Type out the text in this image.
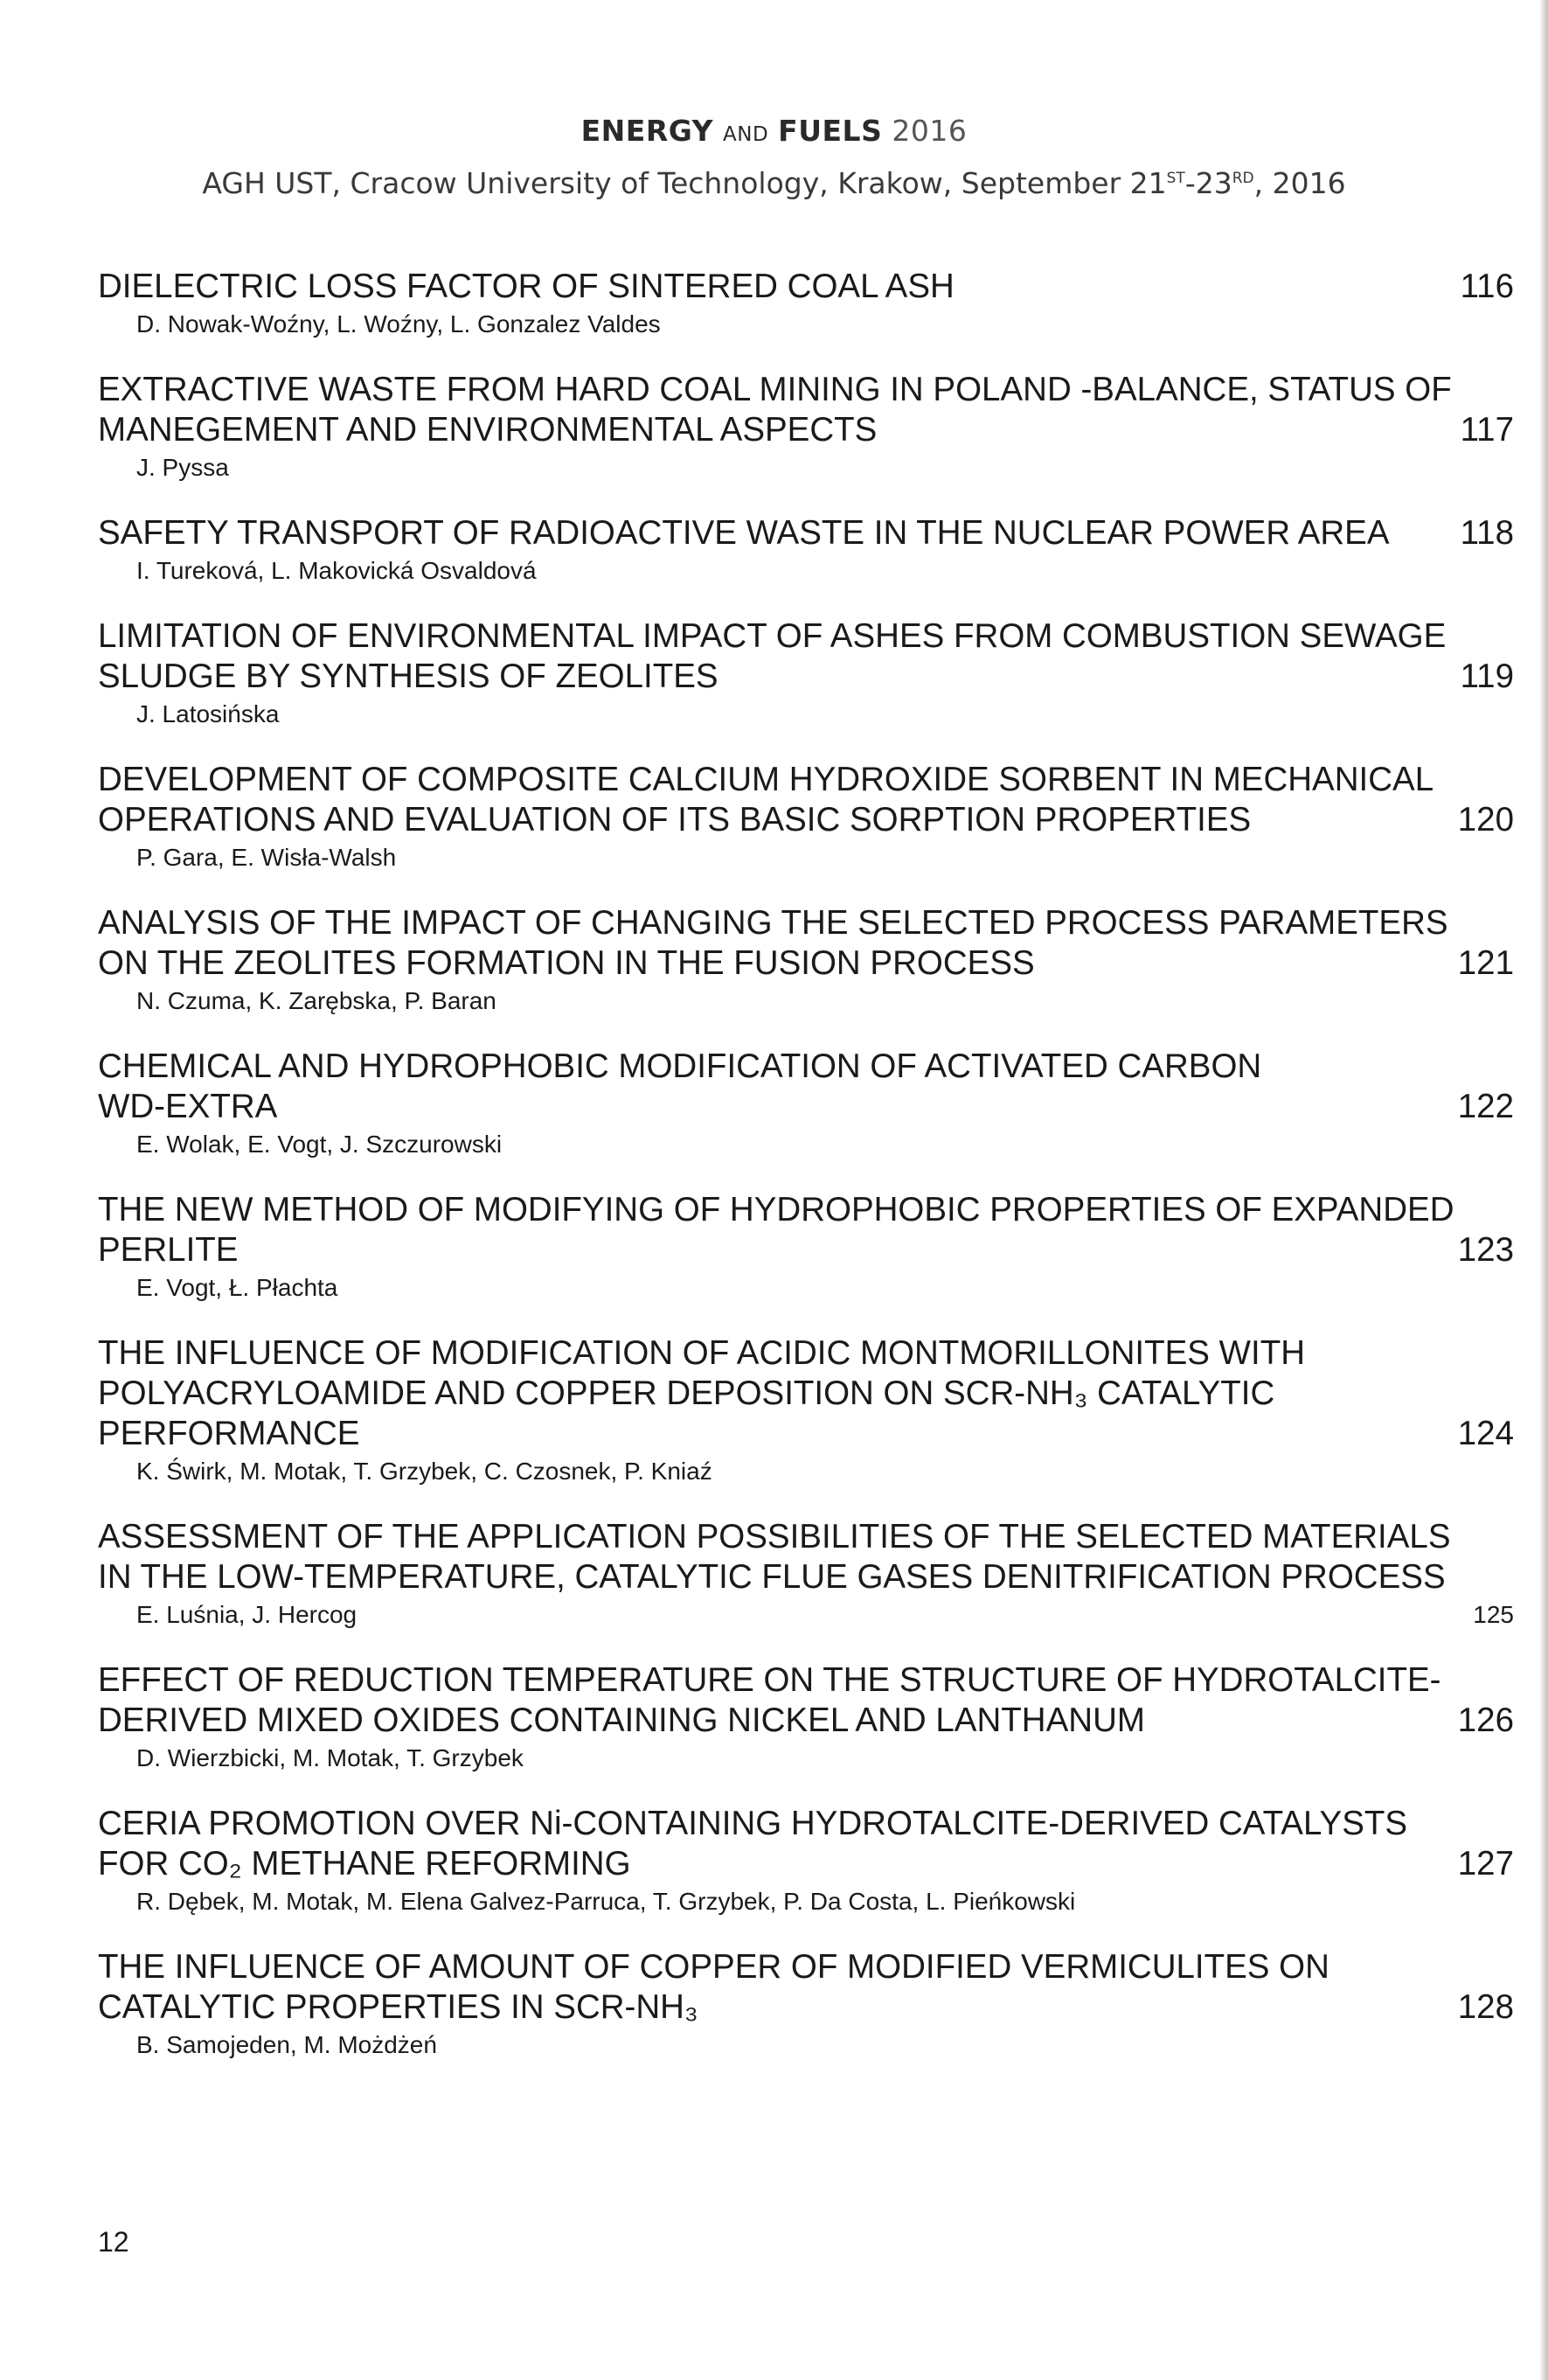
ENERGY AND FUELS 2016
AGH UST, Cracow University of Technology, Krakow, September 21ST-23RD, 2016
DIELECTRIC LOSS FACTOR OF SINTERED COAL ASH	116
D. Nowak-Woźny, L. Woźny, L. Gonzalez Valdes
EXTRACTIVE WASTE FROM HARD COAL MINING IN POLAND -BALANCE, STATUS OF
MANEGEMENT AND ENVIRONMENTAL ASPECTS	117
J. Pyssa
SAFETY TRANSPORT OF RADIOACTIVE WASTE IN THE NUCLEAR POWER AREA	118
I. Tureková, L. Makovická Osvaldová
LIMITATION OF ENVIRONMENTAL IMPACT OF ASHES FROM COMBUSTION SEWAGE
SLUDGE BY SYNTHESIS OF ZEOLITES	119
J. Latosińska
DEVELOPMENT OF COMPOSITE CALCIUM HYDROXIDE SORBENT IN MECHANICAL
OPERATIONS AND EVALUATION OF ITS BASIC SORPTION PROPERTIES	120
P. Gara, E. Wisła-Walsh
ANALYSIS OF THE IMPACT OF CHANGING THE SELECTED PROCESS PARAMETERS
ON THE ZEOLITES FORMATION IN THE FUSION PROCESS	121
N. Czuma, K. Zarębska, P. Baran
CHEMICAL AND HYDROPHOBIC MODIFICATION OF ACTIVATED CARBON
WD-EXTRA	122
E. Wolak, E. Vogt, J. Szczurowski
THE NEW METHOD OF MODIFYING OF HYDROPHOBIC PROPERTIES OF EXPANDED
PERLITE	123
E. Vogt, Ł. Płachta
THE INFLUENCE OF MODIFICATION OF ACIDIC MONTMORILLONITES WITH
POLYACRYLOAMIDE AND COPPER DEPOSITION ON SCR-NH₃ CATALYTIC
PERFORMANCE	124
K. Świrk, M. Motak, T. Grzybek, C. Czosnek, P. Kniaź
ASSESSMENT OF THE APPLICATION POSSIBILITIES OF THE SELECTED MATERIALS
IN THE LOW-TEMPERATURE, CATALYTIC FLUE GASES DENITRIFICATION PROCESS
E. Luśnia, J. Hercog	125
EFFECT OF REDUCTION TEMPERATURE ON THE STRUCTURE OF HYDROTALCITE-
DERIVED MIXED OXIDES CONTAINING NICKEL AND LANTHANUM	126
D. Wierzbicki, M. Motak, T. Grzybek
CERIA PROMOTION OVER Ni-CONTAINING HYDROTALCITE-DERIVED CATALYSTS
FOR CO₂ METHANE REFORMING	127
R. Dębek, M. Motak, M. Elena Galvez-Parruca, T. Grzybek, P. Da Costa, L. Pieńkowski
THE INFLUENCE OF AMOUNT OF COPPER OF MODIFIED VERMICULITES ON
CATALYTIC PROPERTIES IN SCR-NH₃	128
B. Samojeden, M. Możdżeń
12
